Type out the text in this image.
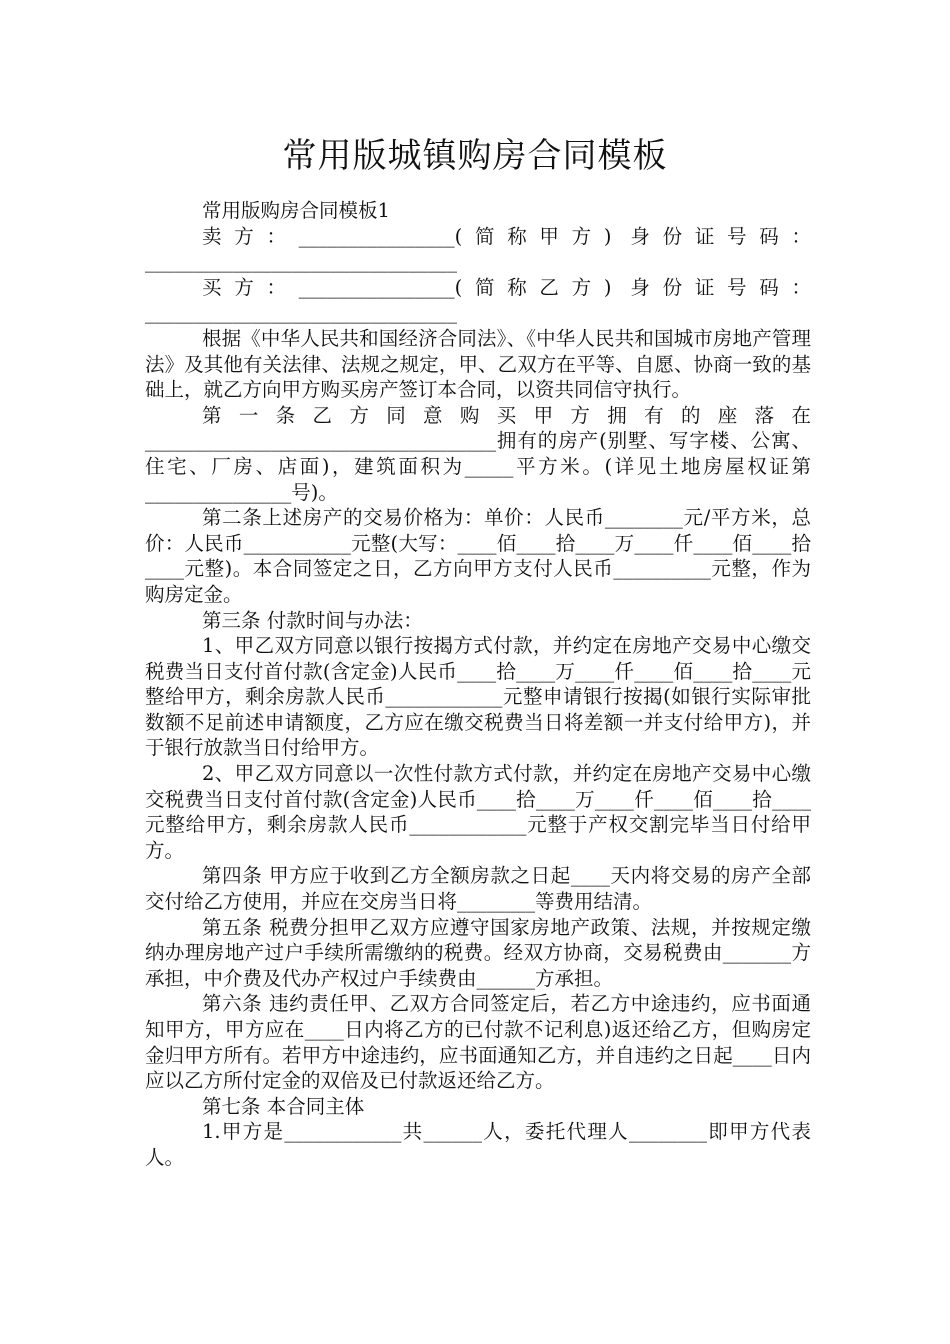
常用版城镇购房合同模板

常用版购房合同模板1

卖方：________________(简称甲方) 身份证号码：________________________________

买方：________________(简称乙方) 身份证号码：________________________________

根据《中华人民共和国经济合同法》、《中华人民共和国城市房地产管理法》及其他有关法律、法规之规定，甲、乙双方在平等、自愿、协商一致的基础上，就乙方向甲方购买房产签订本合同，以资共同信守执行。

第一条乙方同意购买甲方拥有的座落在____________________________________拥有的房产(别墅、写字楼、公寓、住宅、厂房、店面)，建筑面积为_____平方米。(详见土地房屋权证第_______________号)。

第二条上述房产的交易价格为：单价：人民币________元/平方米，总价：人民币___________元整(大写：____佰____拾____万____仟____佰____拾____元整)。本合同签定之日，乙方向甲方支付人民币__________元整，作为购房定金。

第三条 付款时间与办法：

1、甲乙双方同意以银行按揭方式付款，并约定在房地产交易中心缴交税费当日支付首付款(含定金)人民币____拾____万____仟____佰____拾____元整给甲方，剩余房款人民币____________元整申请银行按揭(如银行实际审批数额不足前述申请额度，乙方应在缴交税费当日将差额一并支付给甲方)，并于银行放款当日付给甲方。

2、甲乙双方同意以一次性付款方式付款，并约定在房地产交易中心缴交税费当日支付首付款(含定金)人民币____拾____万____仟____佰____拾____元整给甲方，剩余房款人民币____________元整于产权交割完毕当日付给甲方。

第四条 甲方应于收到乙方全额房款之日起____天内将交易的房产全部交付给乙方使用，并应在交房当日将________等费用结清。

第五条 税费分担甲乙双方应遵守国家房地产政策、法规，并按规定缴纳办理房地产过户手续所需缴纳的税费。经双方协商，交易税费由_______方承担，中介费及代办产权过户手续费由______方承担。

第六条 违约责任甲、乙双方合同签定后，若乙方中途违约，应书面通知甲方，甲方应在____日内将乙方的已付款不记利息)返还给乙方，但购房定金归甲方所有。若甲方中途违约，应书面通知乙方，并自违约之日起____日内应以乙方所付定金的双倍及已付款返还给乙方。

第七条 本合同主体

1.甲方是____________共______人，委托代理人________即甲方代表人。
